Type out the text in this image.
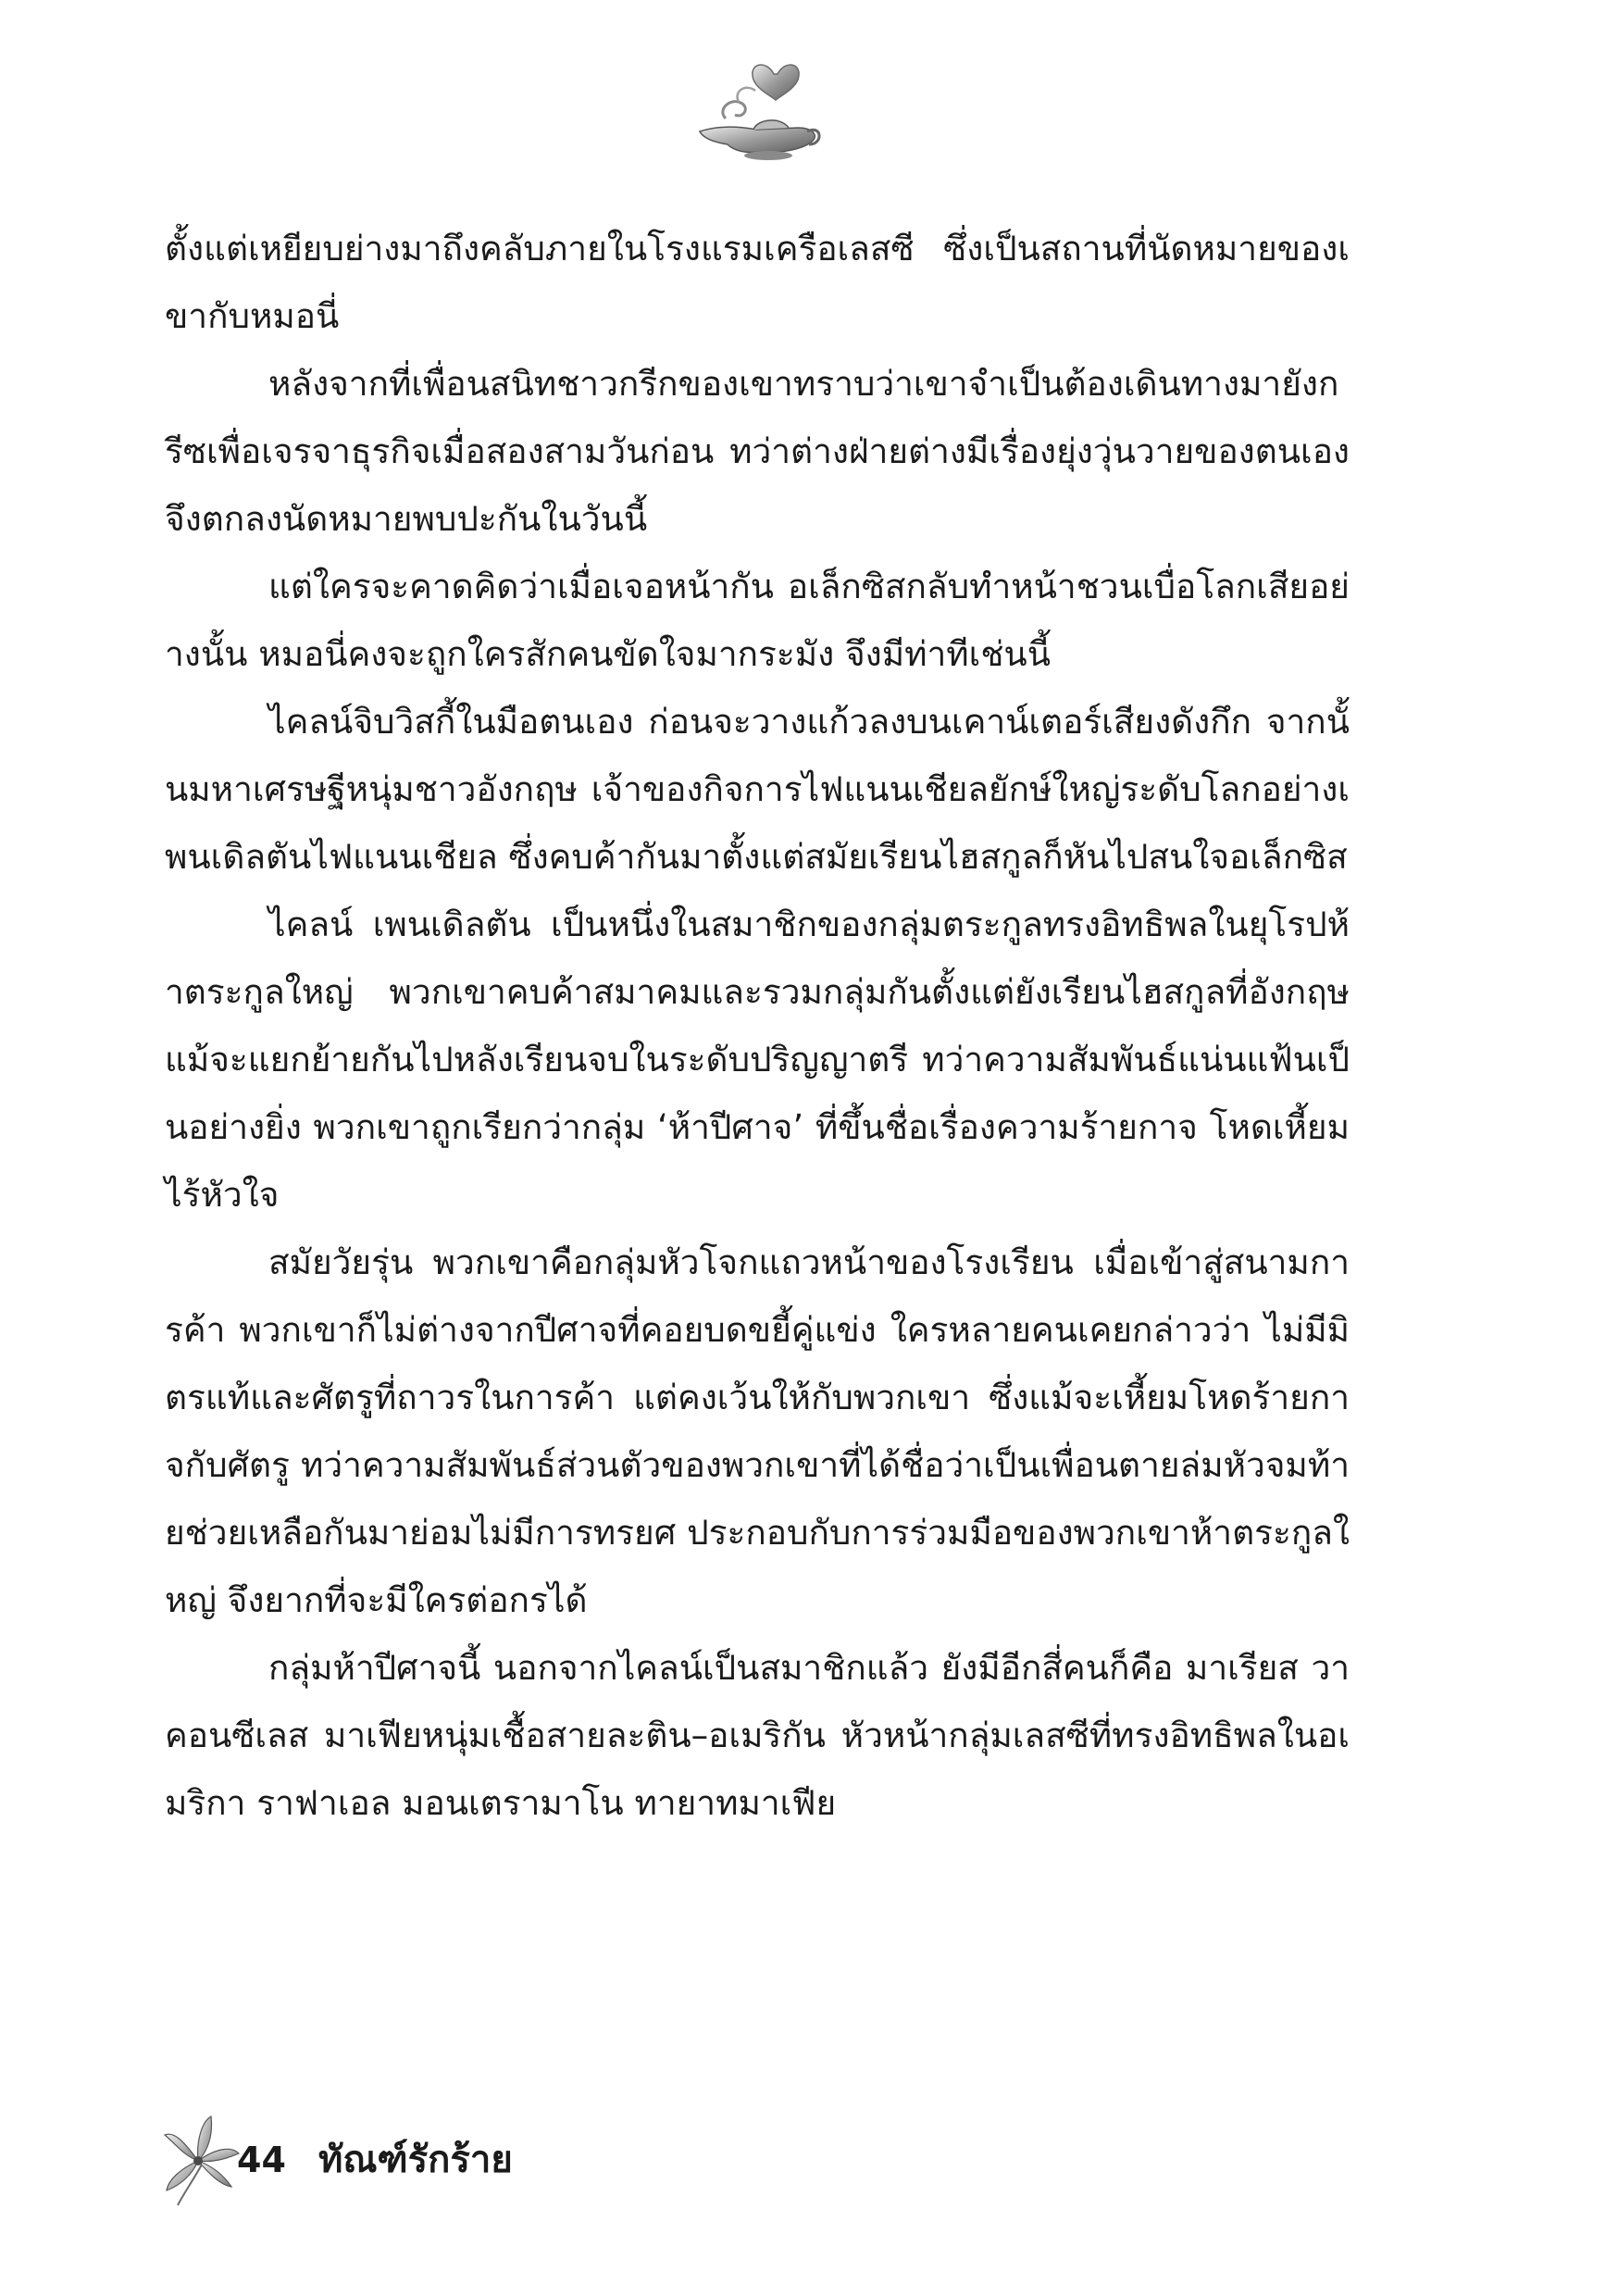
ตั้งแต่เหยียบย่างมาถึงคลับภายในโรงแรมเครือเลสซี ซึ่งเป็นสถานที่นัดหมายของเขากับหมอนี่

หลังจากที่เพื่อนสนิทชาวกรีกของเขาทราบว่าเขาจำเป็นต้องเดินทางมายังกรีซเพื่อเจรจาธุรกิจเมื่อสองสามวันก่อน ทว่าต่างฝ่ายต่างมีเรื่องยุ่งวุ่นวายของตนเอง จึงตกลงนัดหมายพบปะกันในวันนี้

แต่ใครจะคาดคิดว่าเมื่อเจอหน้ากัน อเล็กซิสกลับทำหน้าชวนเบื่อโลกเสียอย่างนั้น หมอนี่คงจะถูกใครสักคนขัดใจมากระมัง จึงมีท่าทีเช่นนี้

ไคลน์จิบวิสกี้ในมือตนเอง ก่อนจะวางแก้วลงบนเคาน์เตอร์เสียงดังกึก จากนั้นมหาเศรษฐีหนุ่มชาวอังกฤษ เจ้าของกิจการไฟแนนเชียลยักษ์ใหญ่ระดับโลกอย่างเพนเดิลตันไฟแนนเชียล ซึ่งคบค้ากันมาตั้งแต่สมัยเรียนไฮสกูลก็หันไปสนใจอเล็กซิส

ไคลน์ เพนเดิลตัน เป็นหนึ่งในสมาชิกของกลุ่มตระกูลทรงอิทธิพลในยุโรปห้าตระกูลใหญ่ พวกเขาคบค้าสมาคมและรวมกลุ่มกันตั้งแต่ยังเรียนไฮสกูลที่อังกฤษ แม้จะแยกย้ายกันไปหลังเรียนจบในระดับปริญญาตรี ทว่าความสัมพันธ์แน่นแฟ้นเป็นอย่างยิ่ง พวกเขาถูกเรียกว่ากลุ่ม ‘ห้าปีศาจ’ ที่ขึ้นชื่อเรื่องความร้ายกาจ โหดเหี้ยม ไร้หัวใจ

สมัยวัยรุ่น พวกเขาคือกลุ่มหัวโจกแถวหน้าของโรงเรียน เมื่อเข้าสู่สนามการค้า พวกเขาก็ไม่ต่างจากปีศาจที่คอยบดขยี้คู่แข่ง ใครหลายคนเคยกล่าวว่า ไม่มีมิตรแท้และศัตรูที่ถาวรในการค้า แต่คงเว้นให้กับพวกเขา ซึ่งแม้จะเหี้ยมโหดร้ายกาจกับศัตรู ทว่าความสัมพันธ์ส่วนตัวของพวกเขาที่ได้ชื่อว่าเป็นเพื่อนตายล่มหัวจมท้ายช่วยเหลือกันมาย่อมไม่มีการทรยศ ประกอบกับการร่วมมือของพวกเขาห้าตระกูลใหญ่ จึงยากที่จะมีใครต่อกรได้

กลุ่มห้าปีศาจนี้ นอกจากไคลน์เป็นสมาชิกแล้ว ยังมีอีกสี่คนก็คือ มาเรียส วาคอนซีเลส มาเฟียหนุ่มเชื้อสายละติน–อเมริกัน หัวหน้ากลุ่มเลสซีที่ทรงอิทธิพลในอเมริกา ราฟาเอล มอนเตรามาโน ทายาทมาเฟีย

44 ทัณฑ์รักร้าย
